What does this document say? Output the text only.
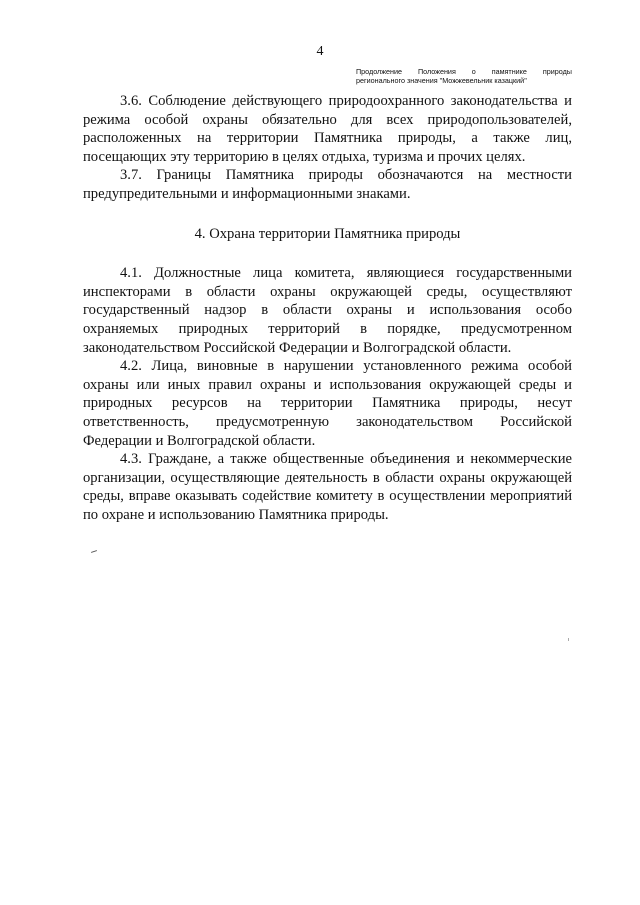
4
Продолжение Положения о памятнике природы
регионального значения "Можжевельник казацкий"

3.6. Соблюдение действующего природоохранного законодательства и режима особой охраны обязательно для всех природопользователей, расположенных на территории Памятника природы, а также лиц, посещающих эту территорию в целях отдыха, туризма и прочих целях.

3.7. Границы Памятника природы обозначаются на местности предупредительными и информационными знаками.

4. Охрана территории Памятника природы

4.1. Должностные лица комитета, являющиеся государственными инспекторами в области охраны окружающей среды, осуществляют государственный надзор в области охраны и использования особо охраняемых природных территорий в порядке, предусмотренном законодательством Российской Федерации и Волгоградской области.

4.2. Лица, виновные в нарушении установленного режима особой охраны или иных правил охраны и использования окружающей среды и природных ресурсов на территории Памятника природы, несут ответственность, предусмотренную законодательством Российской Федерации и Волгоградской области.

4.3. Граждане, а также общественные объединения и некоммерческие организации, осуществляющие деятельность в области охраны окружающей среды, вправе оказывать содействие комитету в осуществлении мероприятий по охране и использованию Памятника природы.
